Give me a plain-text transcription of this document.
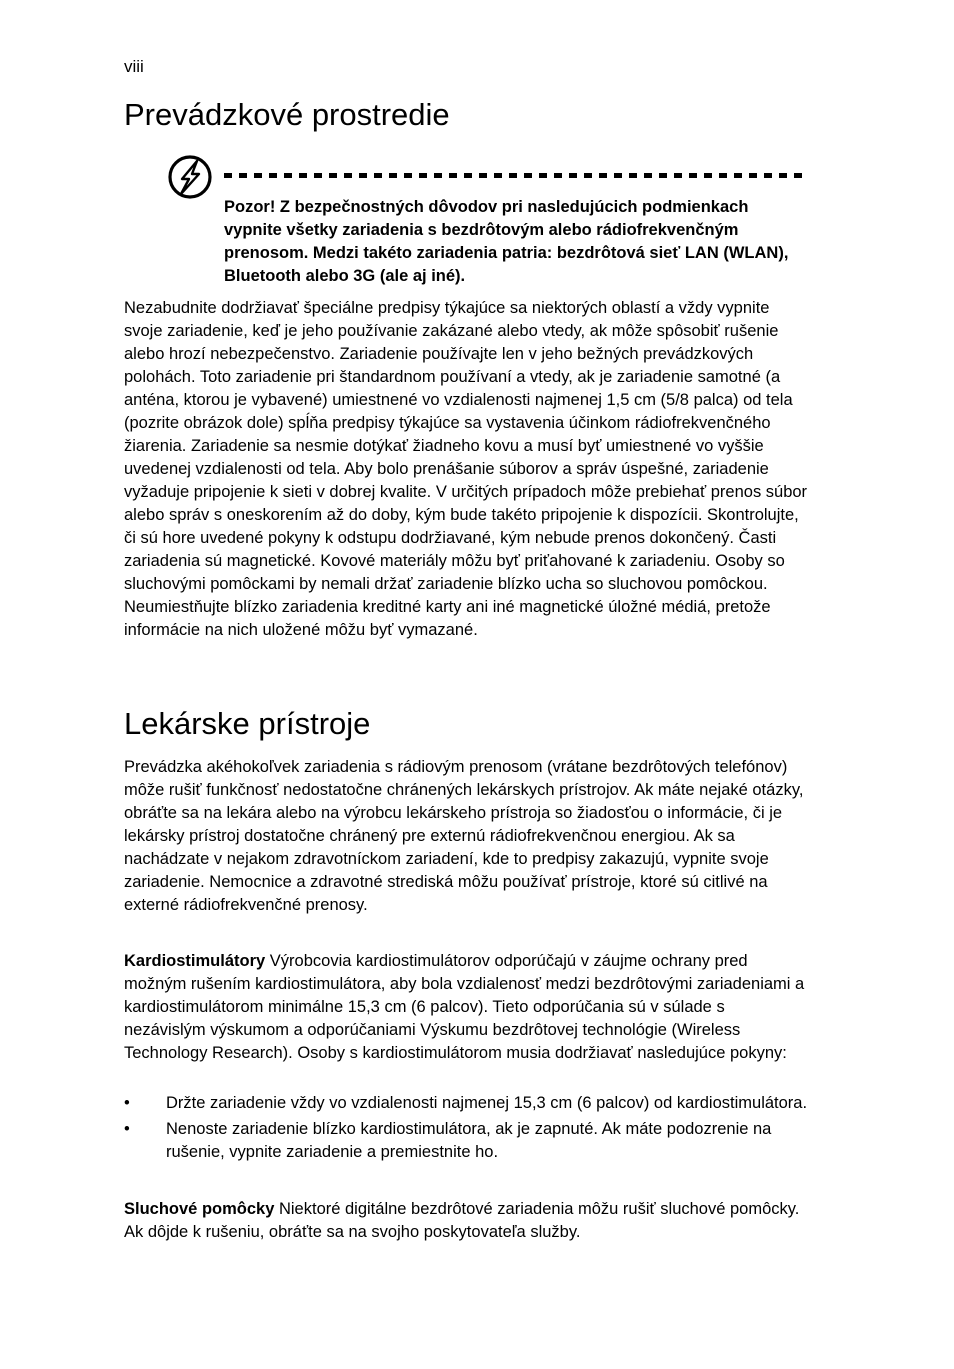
viii
Prevádzkové prostredie

Pozor! Z bezpečnostných dôvodov pri nasledujúcich podmienkach vypnite všetky zariadenia s bezdrôtovým alebo rádiofrekvenčným prenosom. Medzi takéto zariadenia patria: bezdrôtová sieť LAN (WLAN), Bluetooth alebo 3G (ale aj iné).

Nezabudnite dodržiavať špeciálne predpisy týkajúce sa niektorých oblastí a vždy vypnite svoje zariadenie, keď je jeho používanie zakázané alebo vtedy, ak môže spôsobiť rušenie alebo hrozí nebezpečenstvo. Zariadenie používajte len v jeho bežných prevádzkových polohách. Toto zariadenie pri štandardnom používaní a vtedy, ak je zariadenie samotné (a anténa, ktorou je vybavené) umiestnené vo vzdialenosti najmenej 1,5 cm (5/8 palca) od tela (pozrite obrázok dole) spĺňa predpisy týkajúce sa vystavenia účinkom rádiofrekvenčného žiarenia. Zariadenie sa nesmie dotýkať žiadneho kovu a musí byť umiestnené vo vyššie uvedenej vzdialenosti od tela. Aby bolo prenášanie súborov a správ úspešné, zariadenie vyžaduje pripojenie k sieti v dobrej kvalite. V určitých prípadoch môže prebiehať prenos súbor alebo správ s oneskorením až do doby, kým bude takéto pripojenie k dispozícii. Skontrolujte, či sú hore uvedené pokyny k odstupu dodržiavané, kým nebude prenos dokončený. Časti zariadenia sú magnetické. Kovové materiály môžu byť priťahované k zariadeniu. Osoby so sluchovými pomôckami by nemali držať zariadenie blízko ucha so sluchovou pomôckou. Neumiestňujte blízko zariadenia kreditné karty ani iné magnetické úložné médiá, pretože informácie na nich uložené môžu byť vymazané.

Lekárske prístroje

Prevádzka akéhokoľvek zariadenia s rádiovým prenosom (vrátane bezdrôtových telefónov) môže rušiť funkčnosť nedostatočne chránených lekárskych prístrojov. Ak máte nejaké otázky, obráťte sa na lekára alebo na výrobcu lekárskeho prístroja so žiadosťou o informácie, či je lekársky prístroj dostatočne chránený pre externú rádiofrekvenčnou energiou. Ak sa nachádzate v nejakom zdravotníckom zariadení, kde to predpisy zakazujú, vypnite svoje zariadenie. Nemocnice a zdravotné strediská môžu používať prístroje, ktoré sú citlivé na externé rádiofrekvenčné prenosy.

Kardiostimulátory Výrobcovia kardiostimulátorov odporúčajú v záujme ochrany pred možným rušením kardiostimulátora, aby bola vzdialenosť medzi bezdrôtovými zariadeniami a kardiostimulátorom minimálne 15,3 cm (6 palcov). Tieto odporúčania sú v súlade s nezávislým výskumom a odporúčaniami Výskumu bezdrôtovej technológie (Wireless Technology Research). Osoby s kardiostimulátorom musia dodržiavať nasledujúce pokyny:

• Držte zariadenie vždy vo vzdialenosti najmenej 15,3 cm (6 palcov) od kardiostimulátora.
• Nenoste zariadenie blízko kardiostimulátora, ak je zapnuté. Ak máte podozrenie na rušenie, vypnite zariadenie a premiestnite ho.

Sluchové pomôcky Niektoré digitálne bezdrôtové zariadenia môžu rušiť sluchové pomôcky. Ak dôjde k rušeniu, obráťte sa na svojho poskytovateľa služby.
